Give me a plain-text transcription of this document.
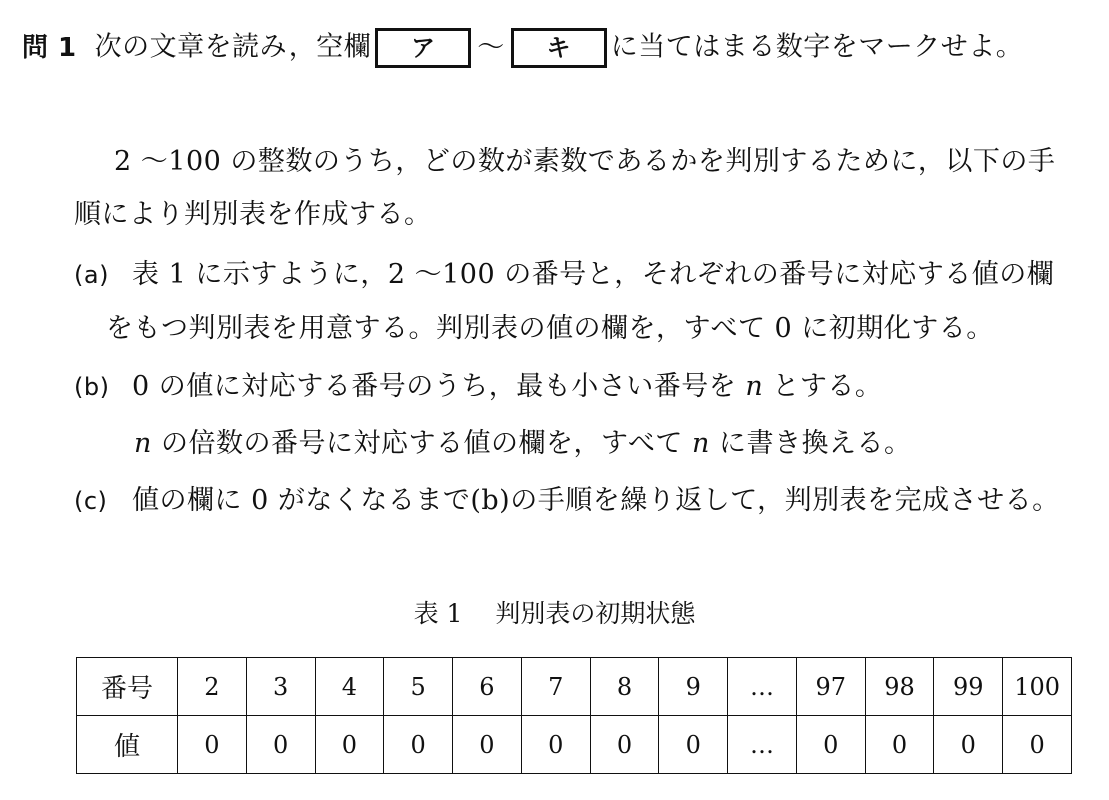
問 1 次の文章を読み，空欄 ア 〜 キ に当てはまる数字をマークせよ。
2 〜100 の整数のうち，どの数が素数であるかを判別するために，以下の手
順により判別表を作成する。
(a) 表 1 に示すように，2 〜100 の番号と，それぞれの番号に対応する値の欄
をもつ判別表を用意する。判別表の値の欄を，すべて 0 に初期化する。
(b) 0 の値に対応する番号のうち，最も小さい番号を n とする。
n の倍数の番号に対応する値の欄を，すべて n に書き換える。
(c) 値の欄に 0 がなくなるまで(b)の手順を繰り返して，判別表を完成させる。
表 1　 判別表の初期状態
番号	2	3	4	5	6	7	8	9	…	97	98	99	100
値	0	0	0	0	0	0	0	0	…	0	0	0	0
